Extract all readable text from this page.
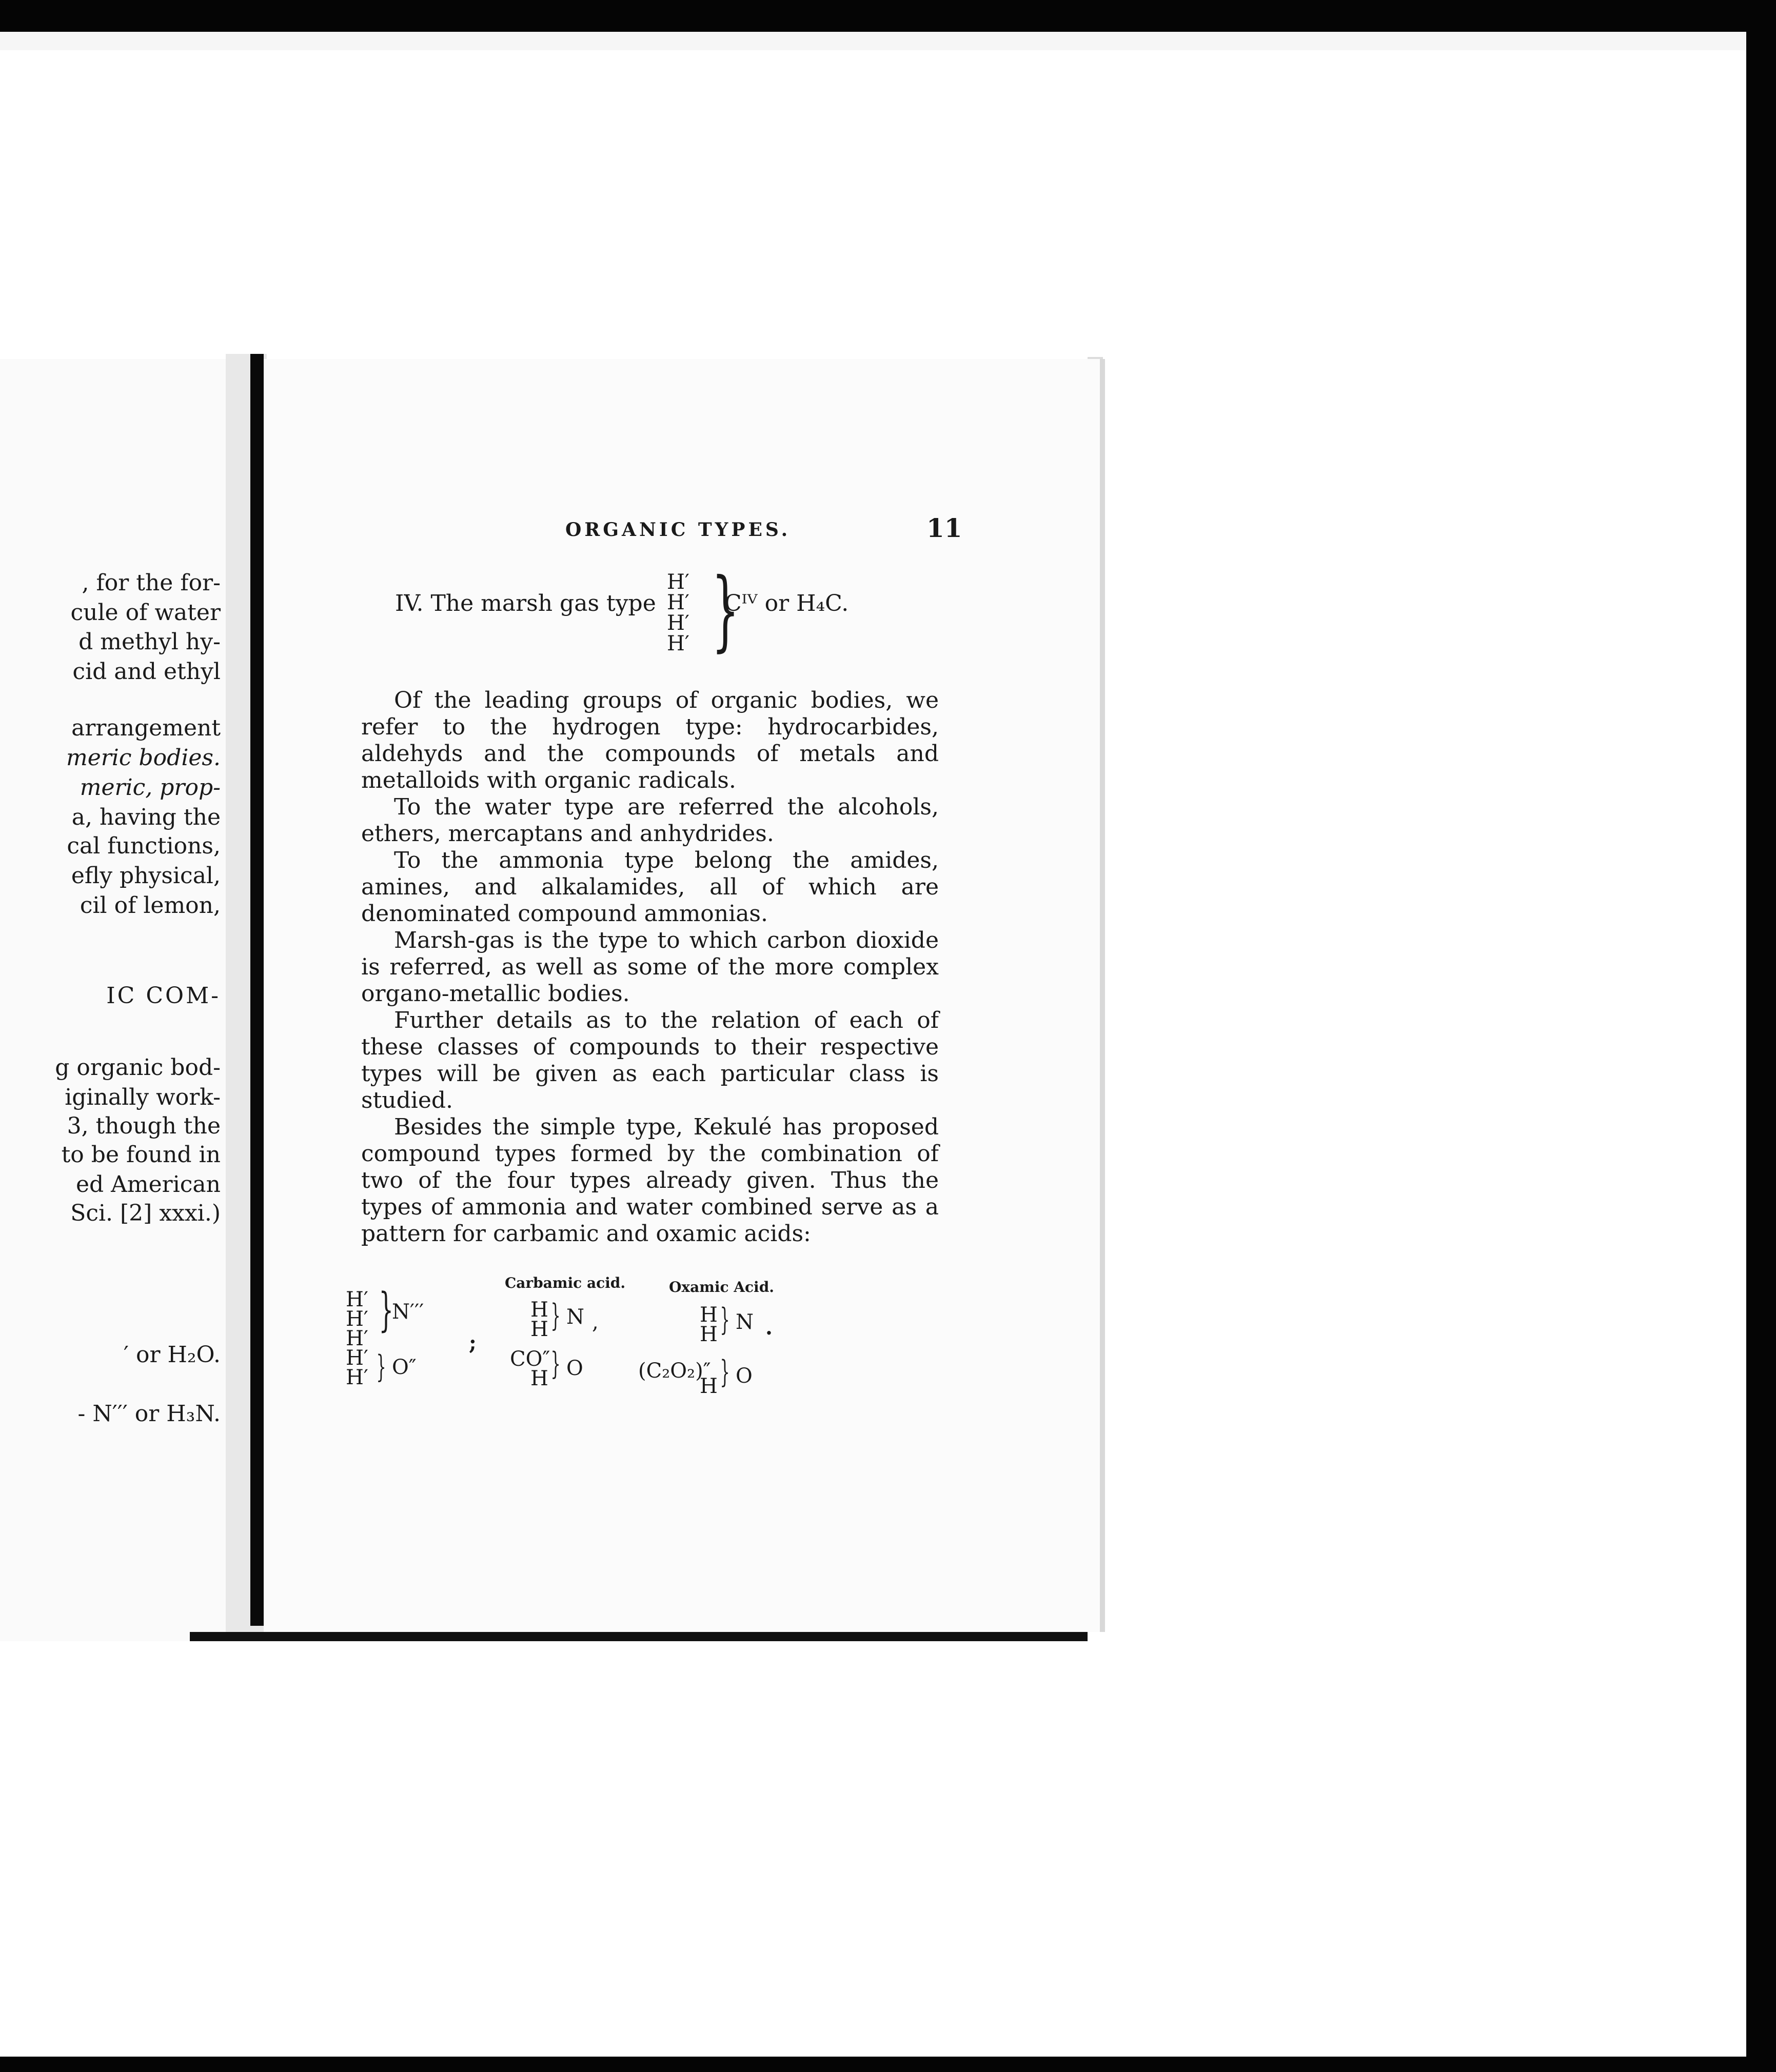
, for the for-
cule of water
d methyl hy-
cid and ethyl
arrangement
meric bodies.
meric, prop-
a, having the
cal functions,
efly physical,
cil of lemon,
IC COM-
g organic bod-
iginally work-
3, though the
to be found in
ed American
Sci. [2] xxxi.)
′ or H₂O.
- N′′′ or H₃N.
ORGANIC TYPES.	11
IV. The marsh gas type
H′
H′
H′
H′ }
Cᴵⱽ or H₄C.

Of the leading groups of organic bodies, we refer to the hydrogen type: hydrocarbides, aldehyds and the compounds of metals and metalloids with organic radicals.

To the water type are referred the alcohols, ethers, mercaptans and anhydrides.

To the ammonia type belong the amides, amines, and alkalamides, all of which are denominated compound ammonias.

Marsh-gas is the type to which carbon dioxide is referred, as well as some of the more complex organo-metallic bodies.

Further details as to the relation of each of these classes of compounds to their respective types will be given as each particular class is studied.

Besides the simple type, Kekulé has proposed compound types formed by the combination of two of the four types already given. Thus the types of ammonia and water combined serve as a pattern for carbamic and oxamic acids:

H′
H′
H′
H′
H′
}
N′′′
} O″
;
Carbamic acid.
H
H } N
CO″
H } O
,
Oxamic Acid.
H
H } N
(C₂O₂)″
H } O
.
